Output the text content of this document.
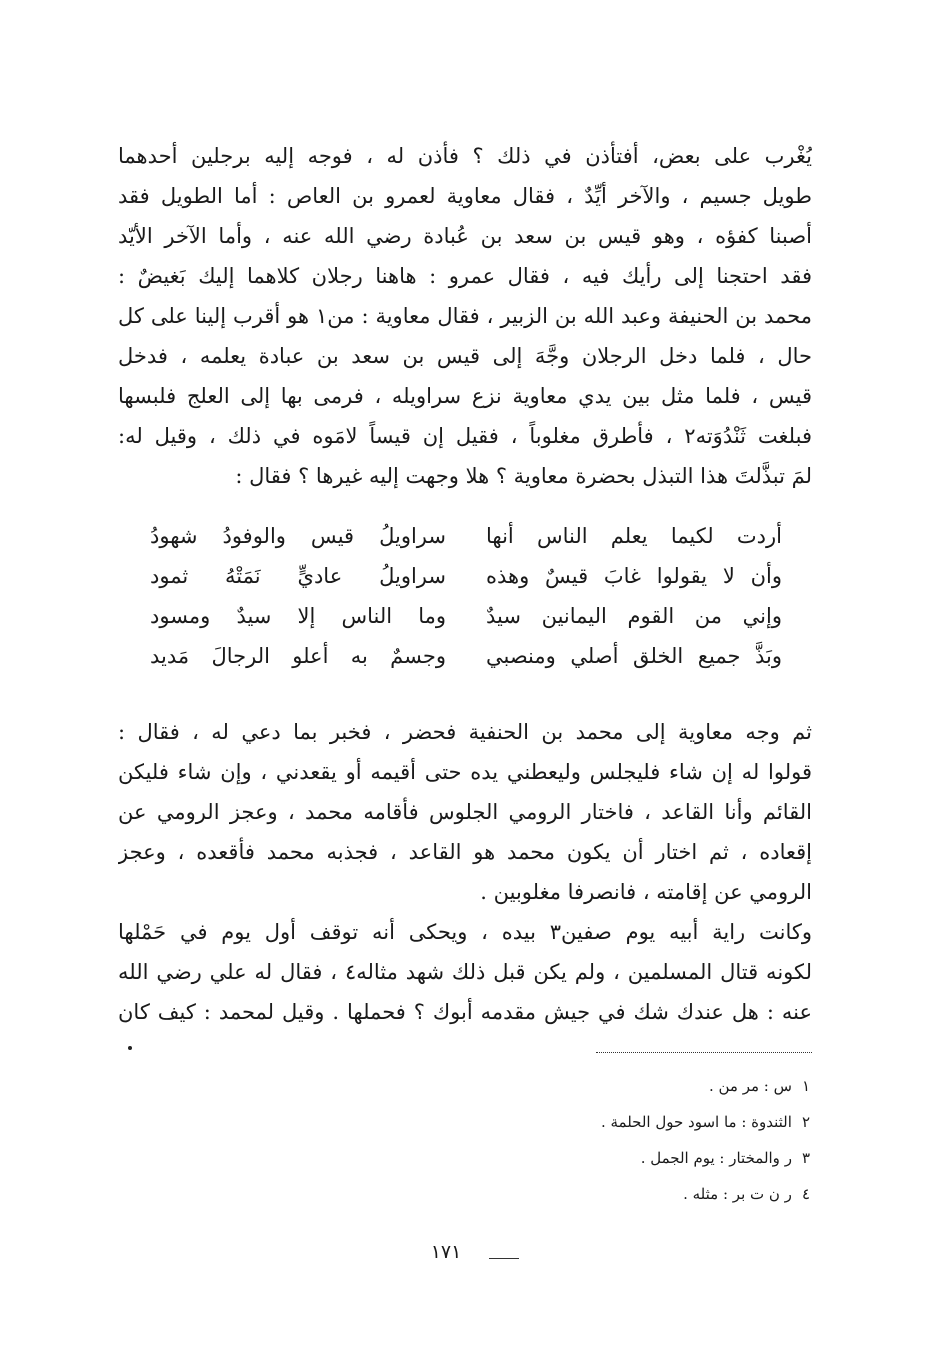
يُغْرب على بعض، أفتأذن في ذلك ؟ فأذن له ، فوجه إليه برجلين أحدهما
طويل جسيم ، والآخر أيِّدٌ ، فقال معاوية لعمرو بن العاص : أما الطويل فقد
أصبنا كفؤه ، وهو قيس بن سعد بن عُبادة رضي الله عنه ، وأما الآخر الأيّد
فقد احتجنا إلى رأيك فيه ، فقال عمرو : هاهنا رجلان كلاهما إليك بَغيضٌ :
محمد بن الحنيفة وعبد الله بن الزبير ، فقال معاوية : من١ هو أقرب إلينا على كل
حال ، فلما دخل الرجلان وجَّهَ إلى قيس بن سعد بن عبادة يعلمه ، فدخل
قيس ، فلما مثل بين يدي معاوية نزع سراويله ، فرمى بها إلى العلج فلبسها
فبلغت ثَنْدُوَته٢ ، فأطرق مغلوباً ، فقيل إن قيساً لامَوه في ذلك ، وقيل له:
لمَ تبذَّلتَ هذا التبذل بحضرة معاوية ؟ هلا وجهت إليه غيرها ؟ فقال :
أردت لكيما يعلم الناس أنها
سراويلُ قيس والوفودُ شهودُ
وأن لا يقولوا غابَ قيسٌ وهذه
سراويلُ عاديٍّ نَمَتْهُ ثمود
وإني من القوم اليمانين سيدٌ
وما الناس إلا سيدٌ ومسود
وبَذَّ جميع الخلق أصلي ومنصبي
وجسمٌ به أعلو الرجالَ مَديد
ثم وجه معاوية إلى محمد بن الحنفية فحضر ، فخبر بما دعي له ، فقال :
قولوا له إن شاء فليجلس وليعطني يده حتى أقيمه أو يقعدني ، وإن شاء فليكن
القائم وأنا القاعد ، فاختار الرومي الجلوس فأقامه محمد ، وعجز الرومي عن
إقعاده ، ثم اختار أن يكون محمد هو القاعد ، فجذبه محمد فأقعده ، وعجز
الرومي عن إقامته ، فانصرفا مغلوبين .
وكانت راية أبيه يوم صفين٣ بيده ، ويحكى أنه توقف أول يوم في حَمْلها
لكونه قتال المسلمين ، ولم يكن قبل ذلك شهد مثاله٤ ، فقال له علي رضي الله
عنه : هل عندك شك في جيش مقدمه أبوك ؟ فحملها . وقيل لمحمد : كيف كان
١س : مر من .
٢الثندوة : ما اسود حول الحلمة .
٣ر والمختار : يوم الجمل .
٤ر ن ت بر : مثله .
١٧١
